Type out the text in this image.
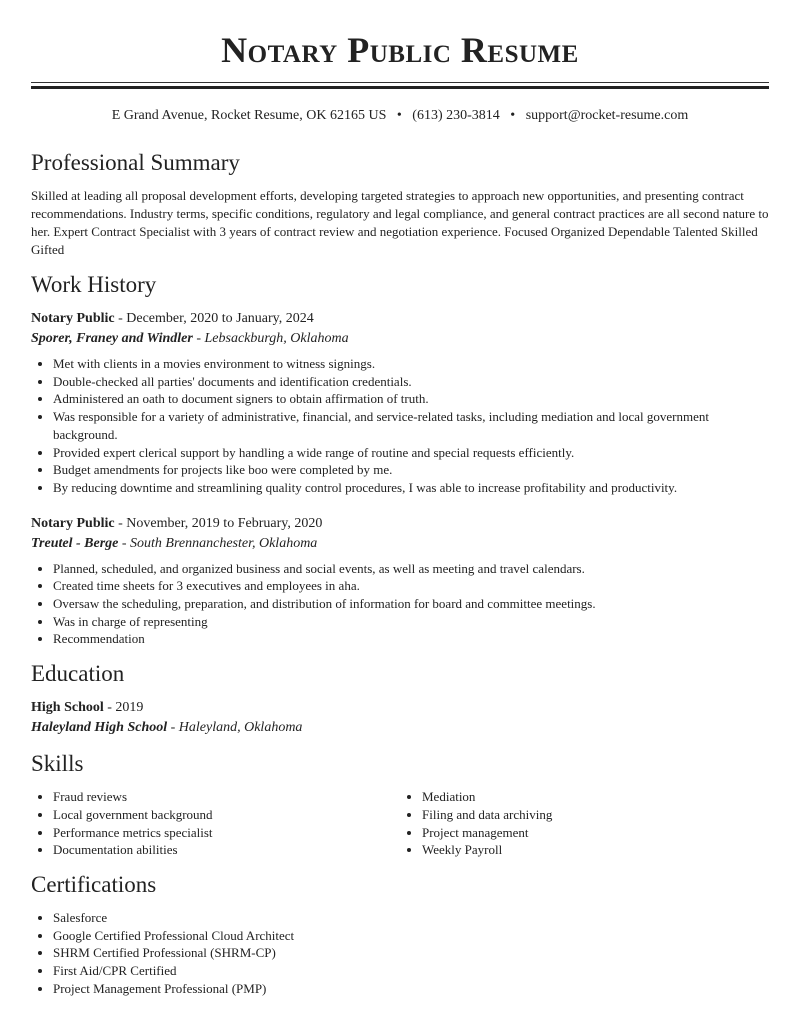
Notary Public Resume
E Grand Avenue, Rocket Resume, OK 62165 US • (613) 230-3814 • support@rocket-resume.com
Professional Summary

Skilled at leading all proposal development efforts, developing targeted strategies to approach new opportunities, and presenting contract recommendations. Industry terms, specific conditions, regulatory and legal compliance, and general contract practices are all second nature to her. Expert Contract Specialist with 3 years of contract review and negotiation experience. Focused Organized Dependable Talented Skilled Gifted

Work History
Notary Public - December, 2020 to January, 2024
Sporer, Franey and Windler - Lebsackburgh, Oklahoma
• Met with clients in a movies environment to witness signings.
• Double-checked all parties' documents and identification credentials.
• Administered an oath to document signers to obtain affirmation of truth.
• Was responsible for a variety of administrative, financial, and service-related tasks, including mediation and local government background.
• Provided expert clerical support by handling a wide range of routine and special requests efficiently.
• Budget amendments for projects like boo were completed by me.
• By reducing downtime and streamlining quality control procedures, I was able to increase profitability and productivity.
Notary Public - November, 2019 to February, 2020
Treutel - Berge - South Brennanchester, Oklahoma
• Planned, scheduled, and organized business and social events, as well as meeting and travel calendars.
• Created time sheets for 3 executives and employees in aha.
• Oversaw the scheduling, preparation, and distribution of information for board and committee meetings.
• Was in charge of representing
• Recommendation
Education
High School - 2019
Haleyland High School - Haleyland, Oklahoma
Skills
• Fraud reviews
• Local government background
• Performance metrics specialist
• Documentation abilities
• Mediation
• Filing and data archiving
• Project management
• Weekly Payroll
Certifications
• Salesforce
• Google Certified Professional Cloud Architect
• SHRM Certified Professional (SHRM-CP)
• First Aid/CPR Certified
• Project Management Professional (PMP)
